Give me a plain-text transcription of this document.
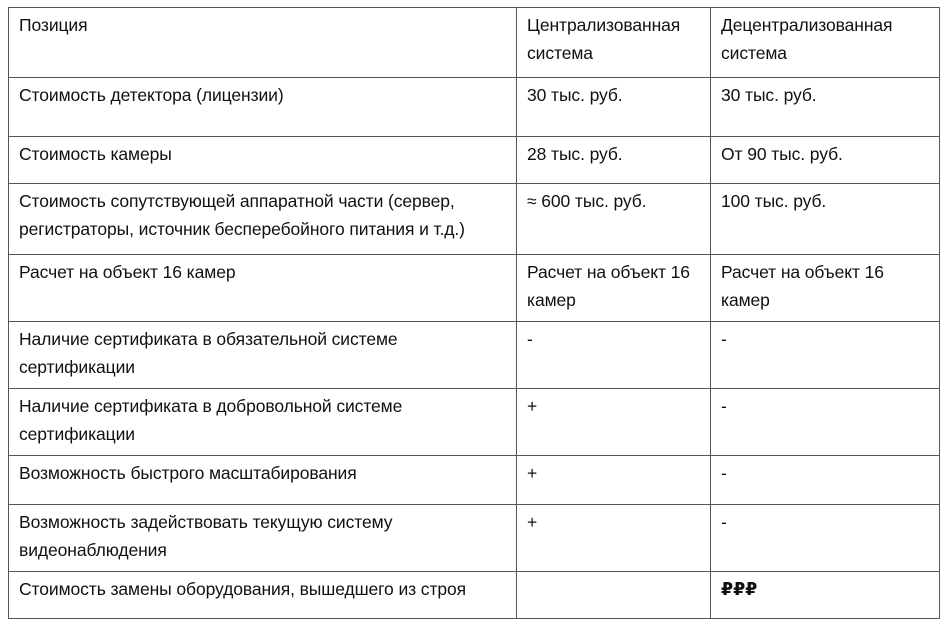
Позиция	Централизованная система	Децентрализованная система
Стоимость детектора (лицензии)	30 тыс. руб.	30 тыс. руб.
Стоимость камеры	28 тыс. руб.	От 90 тыс. руб.
Стоимость сопутствующей аппаратной части (сервер, регистраторы, источник бесперебойного питания и т.д.)	≈ 600 тыс. руб.	100 тыс. руб.
Расчет на объект 16 камер	Расчет на объект 16 камер	Расчет на объект 16 камер
Наличие сертификата в обязательной системе сертификации	-	-
Наличие сертификата в добровольной системе сертификации	+	-
Возможность быстрого масштабирования	+	-
Возможность задействовать текущую систему видеонаблюдения	+	-
Стоимость замены оборудования, вышедшего из строя		₽₽₽
